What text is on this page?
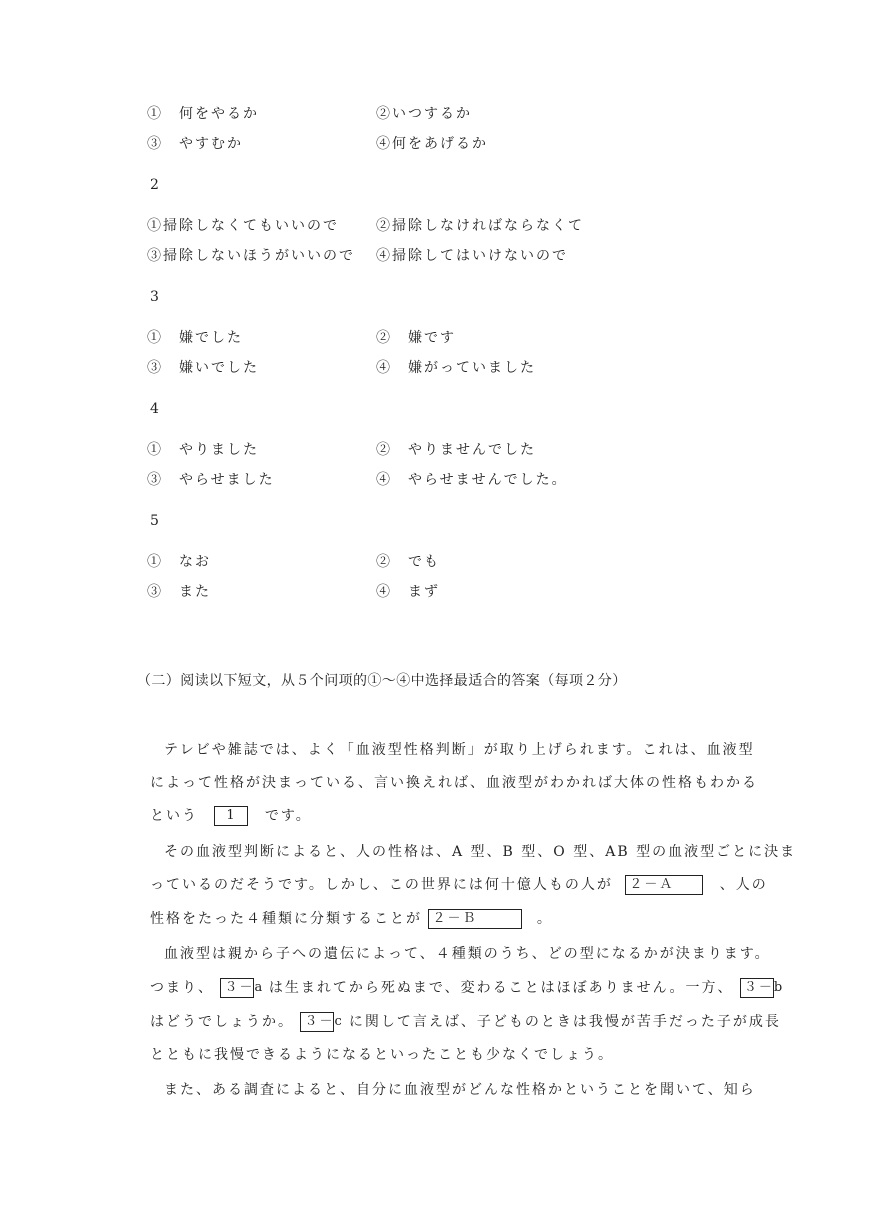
①　何をやるか	②いつするか
③　やすむか	④何をあげるか
2
①掃除しなくてもいいので	②掃除しなければならなくて
③掃除しないほうがいいので ④掃除してはいけないので
3
①　嫌でした	②　嫌です
③　嫌いでした	④　嫌がっていました
4
①　やりました	②　やりませんでした
③　やらせました	④　やらせませんでした。
5
①　なお	②　でも
③　また	④　まず
（二）阅读以下短文，从５个问项的①～④中选择最适合的答案（每项２分）
テレビや雑誌では、よく「血液型性格判断」が取り上げられます。これは、血液型
によって性格が決まっている、言い換えれば、血液型がわかれば大体の性格もわかる
という 1 です。
その血液型判断によると、人の性格は、A 型、B 型、O 型、AB 型の血液型ごとに決ま
っているのだそうです。しかし、この世界には何十億人もの人が ２－Ａ	、人の
性格をたった４種類に分類することが ２－Ｂ	。
血液型は親から子への遺伝によって、４種類のうち、どの型になるかが決まります。
つまり、 ３－a は生まれてから死ぬまで、変わることはほぼありません。一方、 ３－b
はどうでしょうか。 ３－c に関して言えば、子どものときは我慢が苦手だった子が成長
とともに我慢できるようになるといったことも少なくでしょう。
また、ある調査によると、自分に血液型がどんな性格かということを聞いて、知ら
